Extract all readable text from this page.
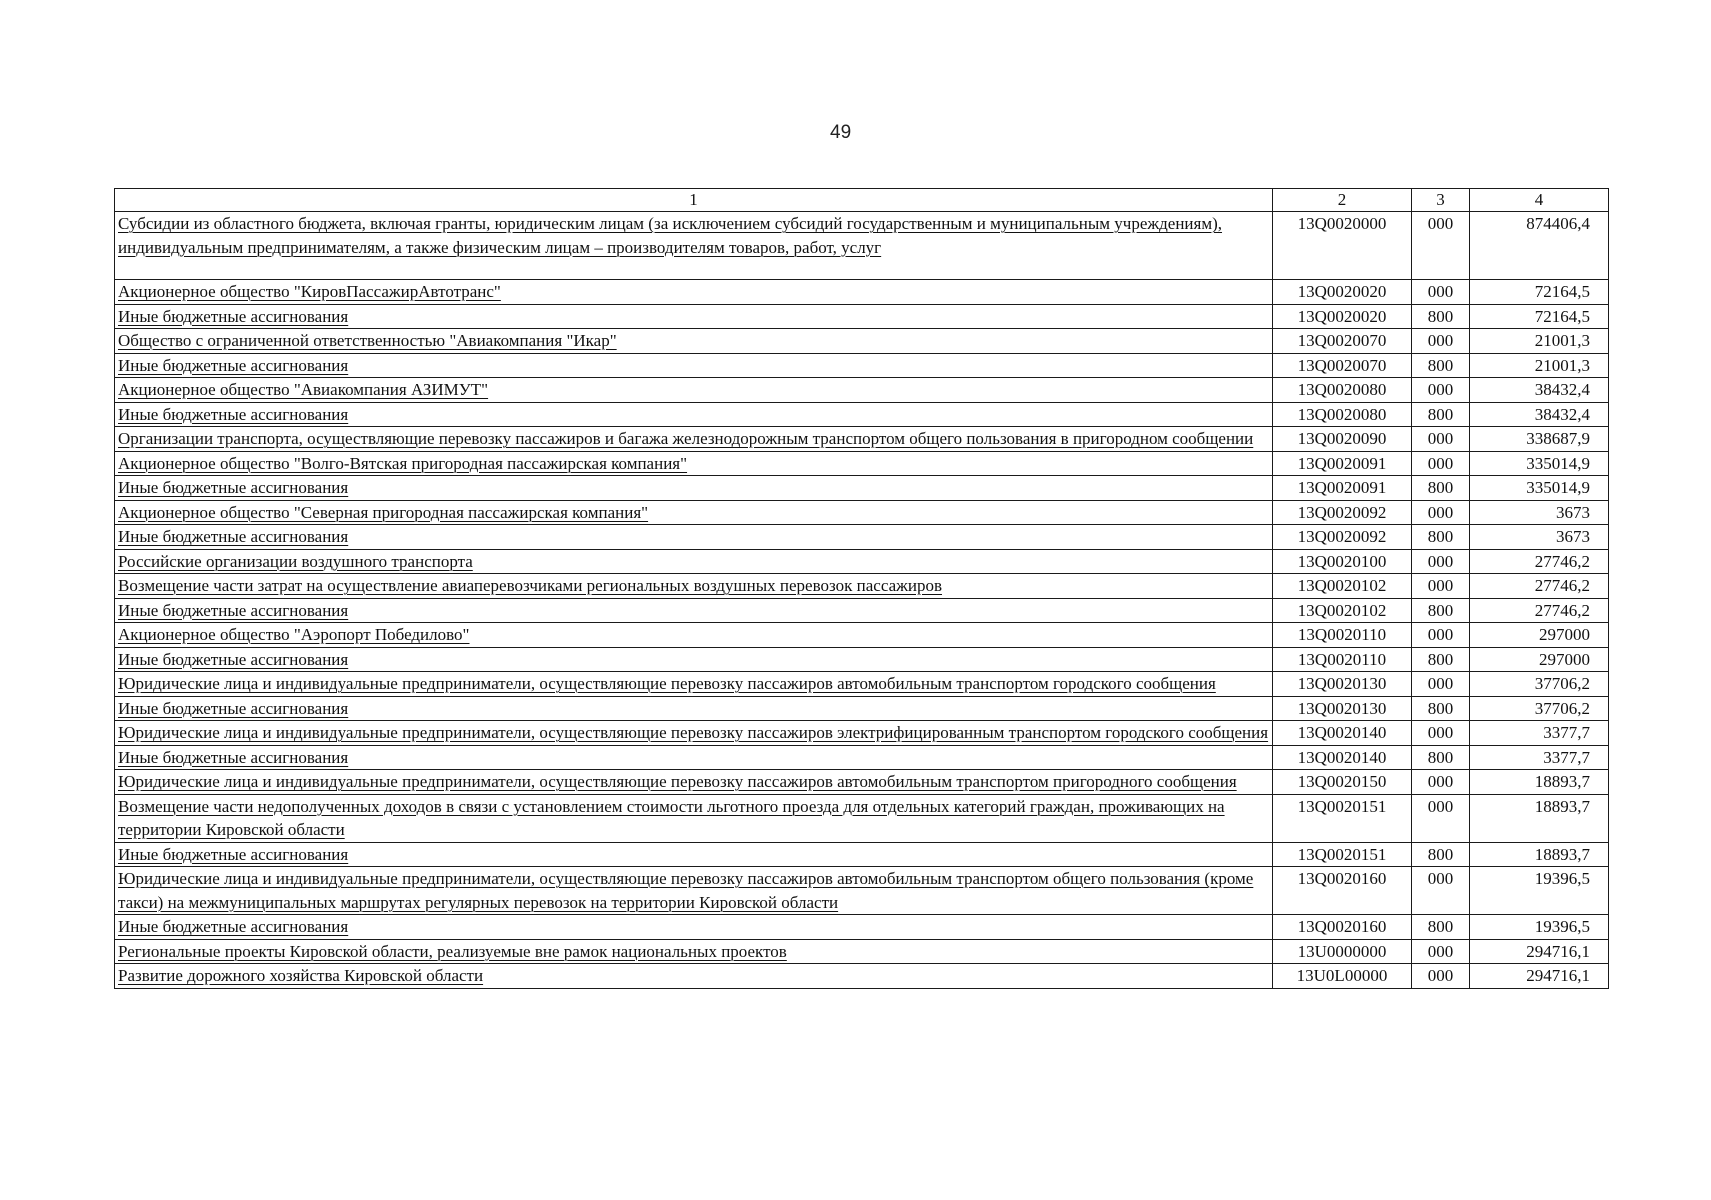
49
1	2	3	4
Субсидии из областного бюджета, включая гранты, юридическим лицам (за исключением субсидий государственным и муниципальным учреждениям), индивидуальным предпринимателям, а также физическим лицам – производителям товаров, работ, услуг	13Q0020000	000	874406,4
Акционерное общество "КировПассажирАвтотранс"	13Q0020020	000	72164,5
Иные бюджетные ассигнования	13Q0020020	800	72164,5
Общество с ограниченной ответственностью "Авиакомпания "Икар"	13Q0020070	000	21001,3
Иные бюджетные ассигнования	13Q0020070	800	21001,3
Акционерное общество "Авиакомпания АЗИМУТ"	13Q0020080	000	38432,4
Иные бюджетные ассигнования	13Q0020080	800	38432,4
Организации транспорта, осуществляющие перевозку пассажиров и багажа железнодорожным транспортом общего пользования в пригородном сообщении	13Q0020090	000	338687,9
Акционерное общество "Волго-Вятская пригородная пассажирская компания"	13Q0020091	000	335014,9
Иные бюджетные ассигнования	13Q0020091	800	335014,9
Акционерное общество "Северная пригородная пассажирская компания"	13Q0020092	000	3673
Иные бюджетные ассигнования	13Q0020092	800	3673
Российские организации воздушного транспорта	13Q0020100	000	27746,2
Возмещение части затрат на осуществление авиаперевозчиками региональных воздушных перевозок пассажиров	13Q0020102	000	27746,2
Иные бюджетные ассигнования	13Q0020102	800	27746,2
Акционерное общество "Аэропорт Победилово"	13Q0020110	000	297000
Иные бюджетные ассигнования	13Q0020110	800	297000
Юридические лица и индивидуальные предприниматели, осуществляющие перевозку пассажиров автомобильным транспортом городского сообщения	13Q0020130	000	37706,2
Иные бюджетные ассигнования	13Q0020130	800	37706,2
Юридические лица и индивидуальные предприниматели, осуществляющие перевозку пассажиров электрифицированным транспортом городского сообщения	13Q0020140	000	3377,7
Иные бюджетные ассигнования	13Q0020140	800	3377,7
Юридические лица и индивидуальные предприниматели, осуществляющие перевозку пассажиров автомобильным транспортом пригородного сообщения	13Q0020150	000	18893,7
Возмещение части недополученных доходов в связи с установлением стоимости льготного проезда для отдельных категорий граждан, проживающих на территории Кировской области	13Q0020151	000	18893,7
Иные бюджетные ассигнования	13Q0020151	800	18893,7
Юридические лица и индивидуальные предприниматели, осуществляющие перевозку пассажиров автомобильным транспортом общего пользования (кроме такси) на межмуниципальных маршрутах регулярных перевозок на территории Кировской области	13Q0020160	000	19396,5
Иные бюджетные ассигнования	13Q0020160	800	19396,5
Региональные проекты Кировской области, реализуемые вне рамок национальных проектов	13U0000000	000	294716,1
Развитие дорожного хозяйства Кировской области	13U0L00000	000	294716,1
